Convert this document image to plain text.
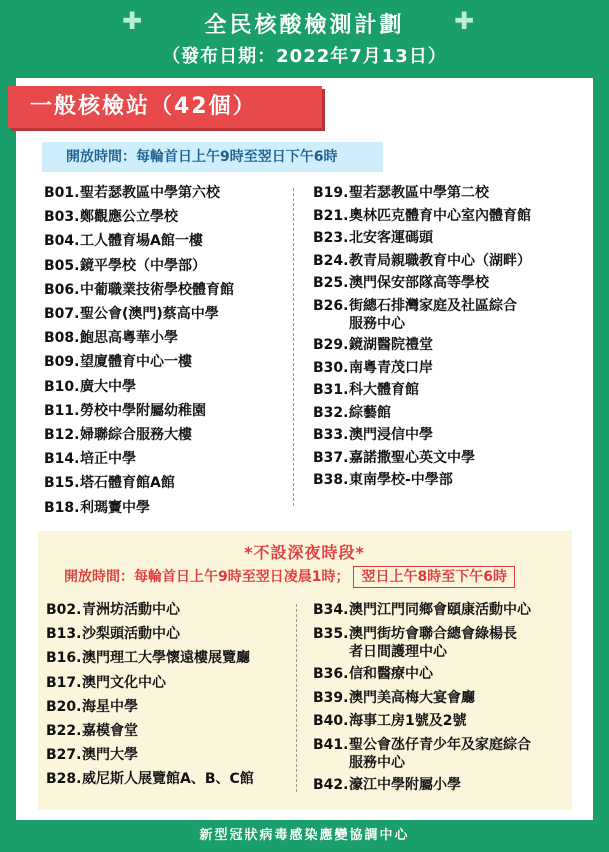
✚	全民核酸檢測計劃	✚
（發布日期：2022年7月13日）
一般核檢站（42個）
開放時間：每輪首日上午9時至翌日下午6時
B01.聖若瑟教區中學第六校
B03.鄭觀應公立學校
B04.工人體育場A館一樓
B05.鏡平學校（中學部）
B06.中葡職業技術學校體育館
B07.聖公會(澳門)蔡高中學
B08.鮑思高粵華小學
B09.望廈體育中心一樓
B10.廣大中學
B11.勞校中學附屬幼稚園
B12.婦聯綜合服務大樓
B14.培正中學
B15.塔石體育館A館
B18.利瑪竇中學
B19.聖若瑟教區中學第二校
B21.奧林匹克體育中心室內體育館
B23.北安客運碼頭
B24.教青局親職教育中心（湖畔）
B25.澳門保安部隊高等學校
B26.街總石排灣家庭及社區綜合
服務中心
B29.鏡湖醫院禮堂
B30.南粵青茂口岸
B31.科大體育館
B32.綜藝館
B33.澳門浸信中學
B37.嘉諾撒聖心英文中學
B38.東南學校-中學部
*不設深夜時段*
開放時間：每輪首日上午9時至翌日凌晨1時； 翌日上午8時至下午6時
B02.青洲坊活動中心
B13.沙梨頭活動中心
B16.澳門理工大學懷遠樓展覽廳
B17.澳門文化中心
B20.海星中學
B22.嘉模會堂
B27.澳門大學
B28.威尼斯人展覽館A、B、C館
B34.澳門江門同鄉會頤康活動中心
B35.澳門街坊會聯合總會綠楊長
者日間護理中心
B36.信和醫療中心
B39.澳門美高梅大宴會廳
B40.海事工房1號及2號
B41.聖公會氹仔青少年及家庭綜合
服務中心
B42.濠江中學附屬小學
新型冠狀病毒感染應變協調中心
